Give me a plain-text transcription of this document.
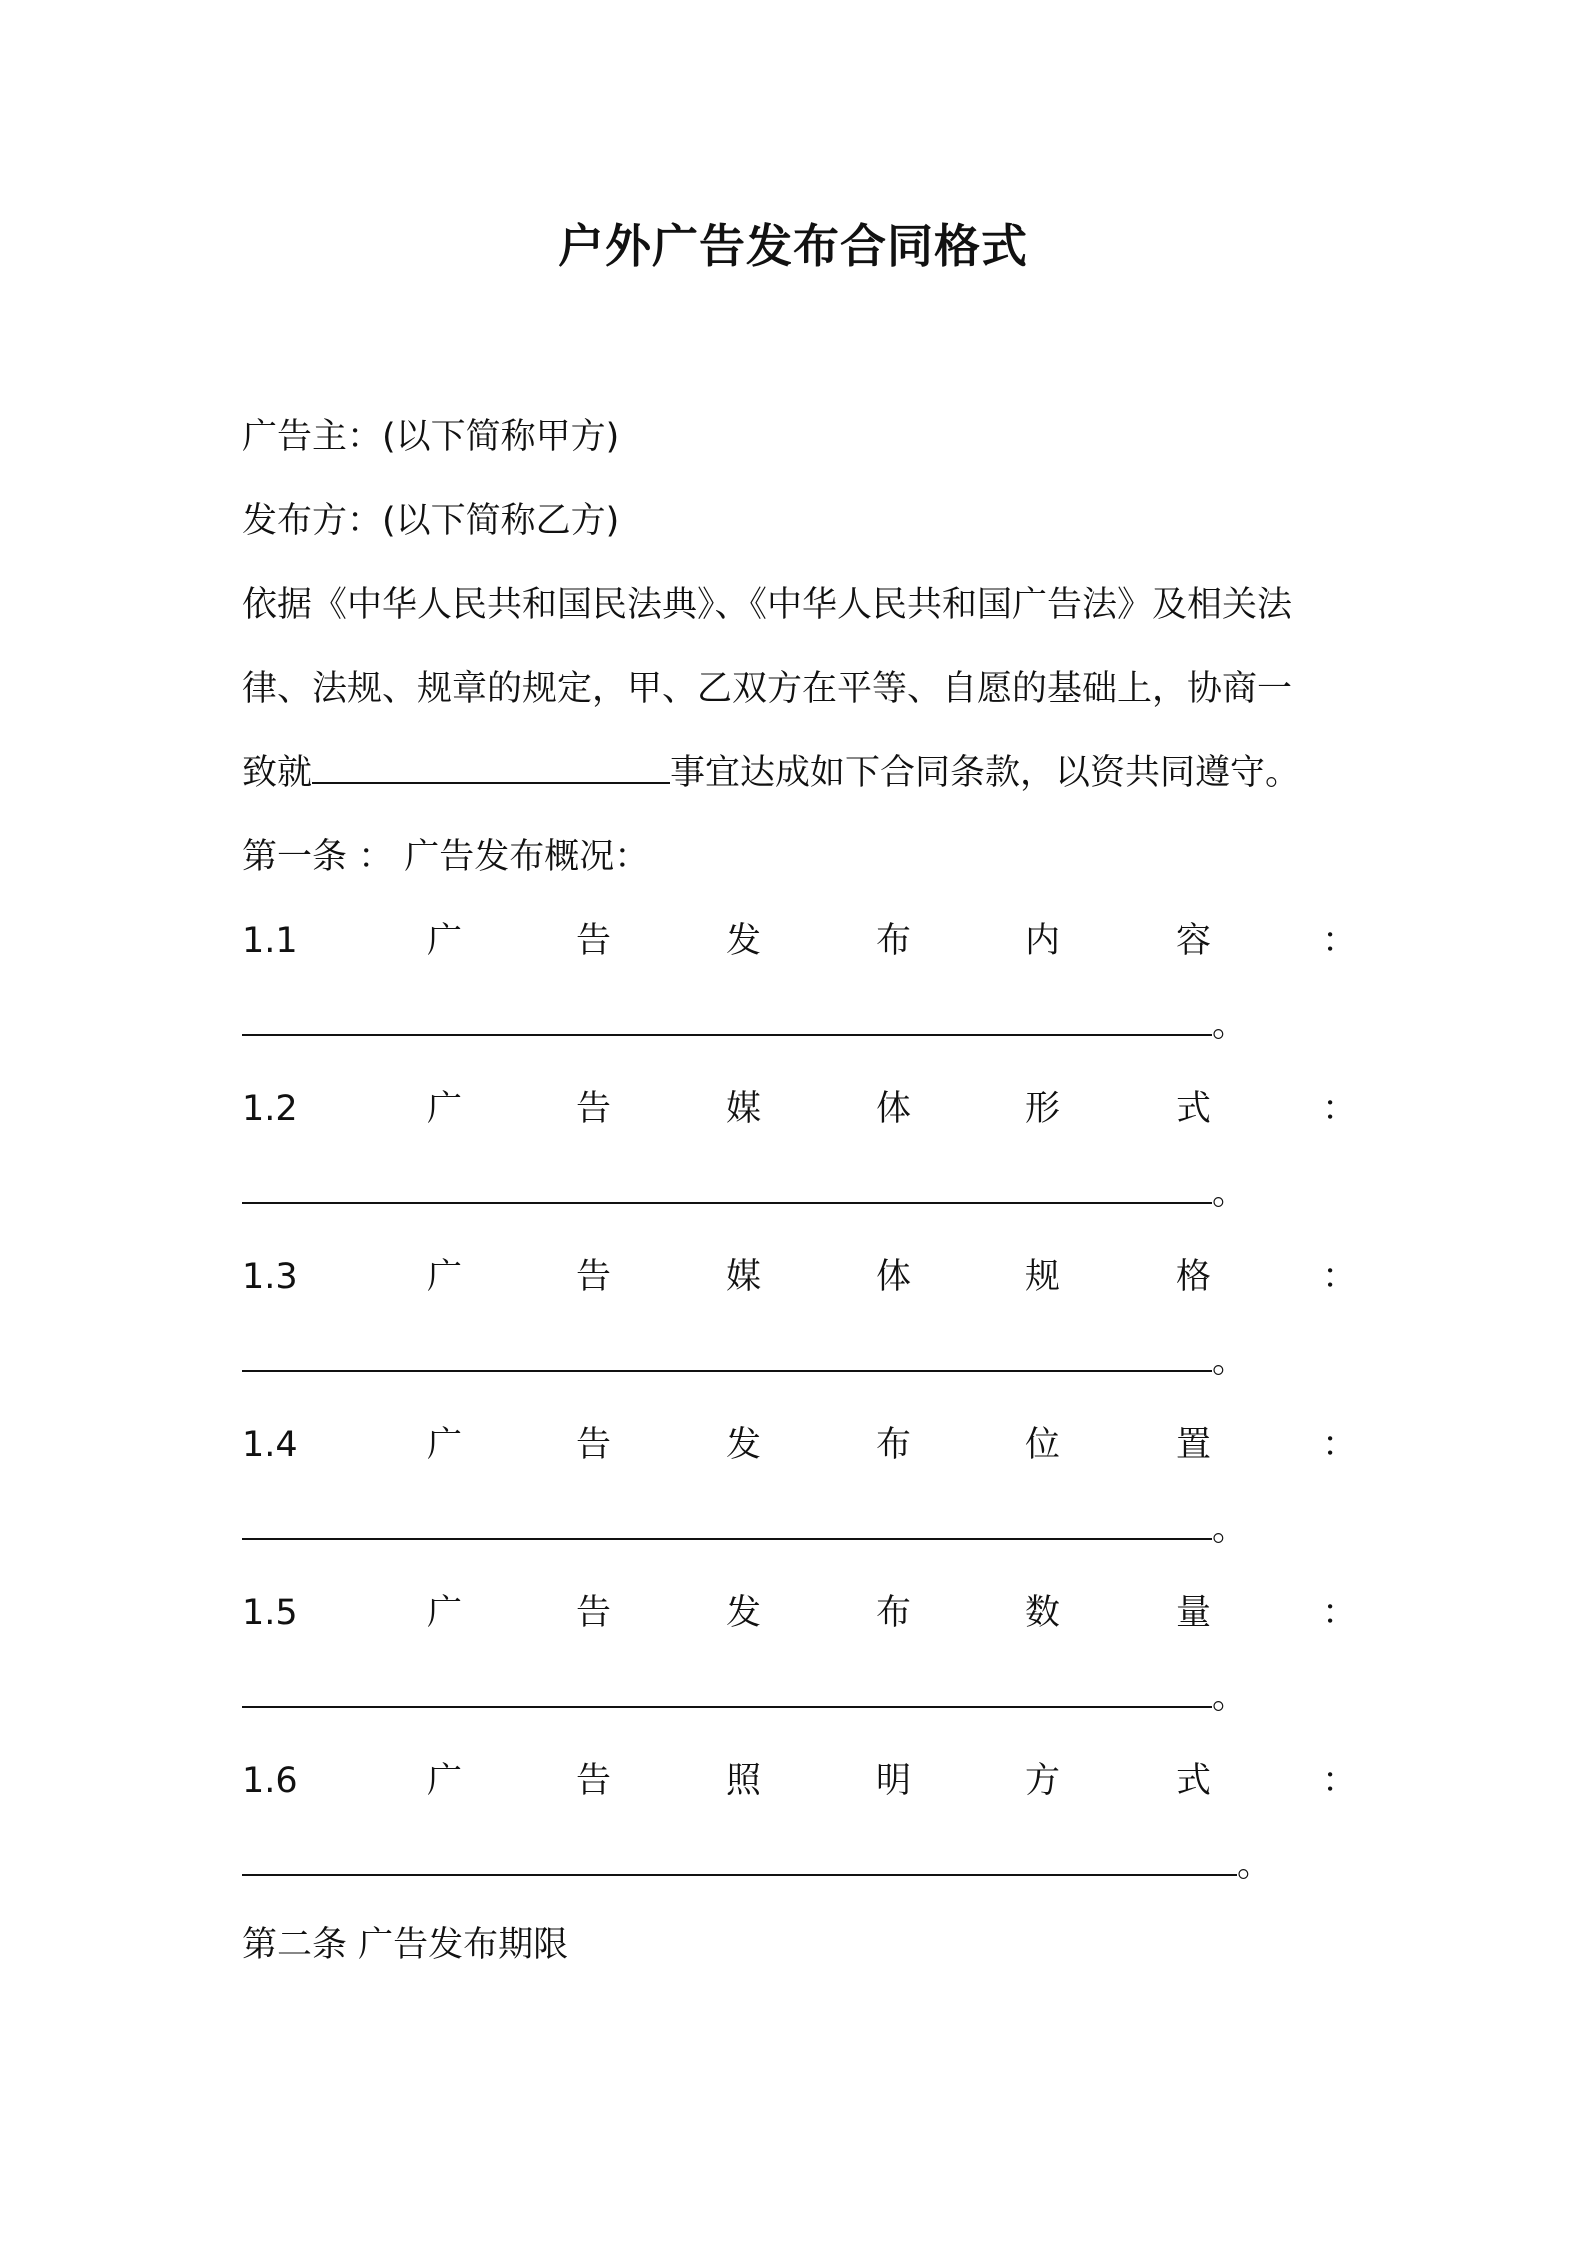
户外广告发布合同格式
广告主：(以下简称甲方)
发布方：(以下简称乙方)
依据《中华人民共和国民法典》、《中华人民共和国广告法》及相关法
律、法规、规章的规定，甲、乙双方在平等、自愿的基础上，协商一
致就	事宜达成如下合同条款，以资共同遵守。
第一条 ： 广告发布概况：
1.1	广	告	发	布	内	容	：
。
1.2	广	告	媒	体	形	式	：
。
1.3	广	告	媒	体	规	格	：
。
1.4	广	告	发	布	位	置	：
。
1.5	广	告	发	布	数	量	：
。
1.6	广	告	照	明	方	式	：
。
第二条 广告发布期限
